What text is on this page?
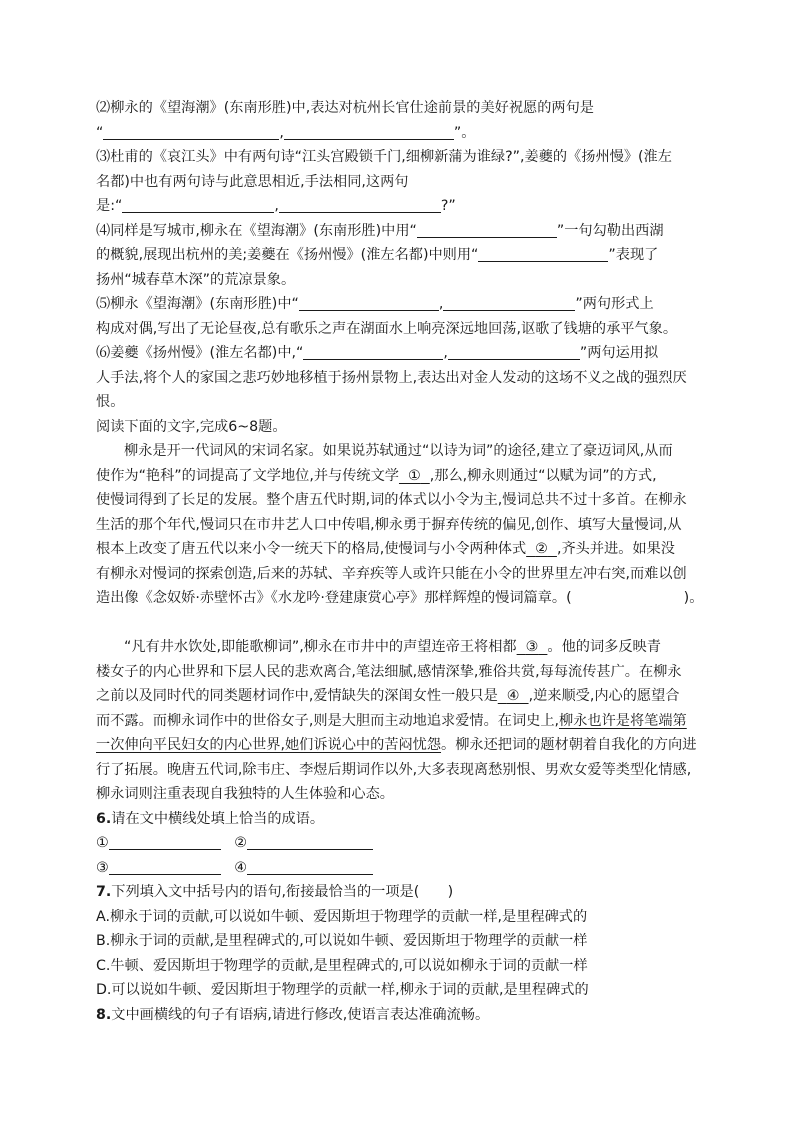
⑵柳永的《望海潮》(东南形胜)中,表达对杭州长官仕途前景的美好祝愿的两句是
“	,	”。
⑶杜甫的《哀江头》中有两句诗“江头宫殿锁千门,细柳新蒲为谁绿?”,姜夔的《扬州慢》(淮左
名都)中也有两句诗与此意思相近,手法相同,这两句
是:“	,	?”
⑷同样是写城市,柳永在《望海潮》(东南形胜)中用“	”一句勾勒出西湖
的概貌,展现出杭州的美;姜夔在《扬州慢》(淮左名都)中则用“	”表现了
扬州“城春草木深”的荒凉景象。
⑸柳永《望海潮》(东南形胜)中“	,	”两句形式上
构成对偶,写出了无论昼夜,总有歌乐之声在湖面水上响亮深远地回荡,讴歌了钱塘的承平气象。
⑹姜夔《扬州慢》(淮左名都)中,“	,	”两句运用拟
人手法,将个人的家国之悲巧妙地移植于扬州景物上,表达出对金人发动的这场不义之战的强烈厌
恨。
阅读下面的文字,完成6~8题。
柳永是开一代词风的宋词名家。如果说苏轼通过“以诗为词”的途径,建立了豪迈词风,从而
使作为“艳科”的词提高了文学地位,并与传统文学 ① ,那么,柳永则通过“以赋为词”的方式,
使慢词得到了长足的发展。整个唐五代时期,词的体式以小令为主,慢词总共不过十多首。在柳永
生活的那个年代,慢词只在市井艺人口中传唱,柳永勇于摒弃传统的偏见,创作、填写大量慢词,从
根本上改变了唐五代以来小令一统天下的格局,使慢词与小令两种体式 ② ,齐头并进。如果没
有柳永对慢词的探索创造,后来的苏轼、辛弃疾等人或许只能在小令的世界里左冲右突,而难以创
造出像《念奴娇·赤壁怀古》《水龙吟·登建康赏心亭》那样辉煌的慢词篇章。(	)。
“凡有井水饮处,即能歌柳词”,柳永在市井中的声望连帝王将相都 ③ 。他的词多反映青
楼女子的内心世界和下层人民的悲欢离合,笔法细腻,感情深挚,雅俗共赏,每每流传甚广。在柳永
之前以及同时代的同类题材词作中,爱情缺失的深闺女性一般只是 ④ ,逆来顺受,内心的愿望合
而不露。而柳永词作中的世俗女子,则是大胆而主动地追求爱情。在词史上,柳永也许是将笔端第
一次伸向平民妇女的内心世界,她们诉说心中的苦闷忧怨。柳永还把词的题材朝着自我化的方向进
行了拓展。晚唐五代词,除韦庄、李煜后期词作以外,大多表现离愁别恨、男欢女爱等类型化情感,
柳永词则注重表现自我独特的人生体验和心态。
6.请在文中横线处填上恰当的成语。
①	②
③	④
7.下列填入文中括号内的语句,衔接最恰当的一项是(　　)
A.柳永于词的贡献,可以说如牛顿、爱因斯坦于物理学的贡献一样,是里程碑式的
B.柳永于词的贡献,是里程碑式的,可以说如牛顿、爱因斯坦于物理学的贡献一样
C.牛顿、爱因斯坦于物理学的贡献,是里程碑式的,可以说如柳永于词的贡献一样
D.可以说如牛顿、爱因斯坦于物理学的贡献一样,柳永于词的贡献,是里程碑式的
8.文中画横线的句子有语病,请进行修改,使语言表达准确流畅。
